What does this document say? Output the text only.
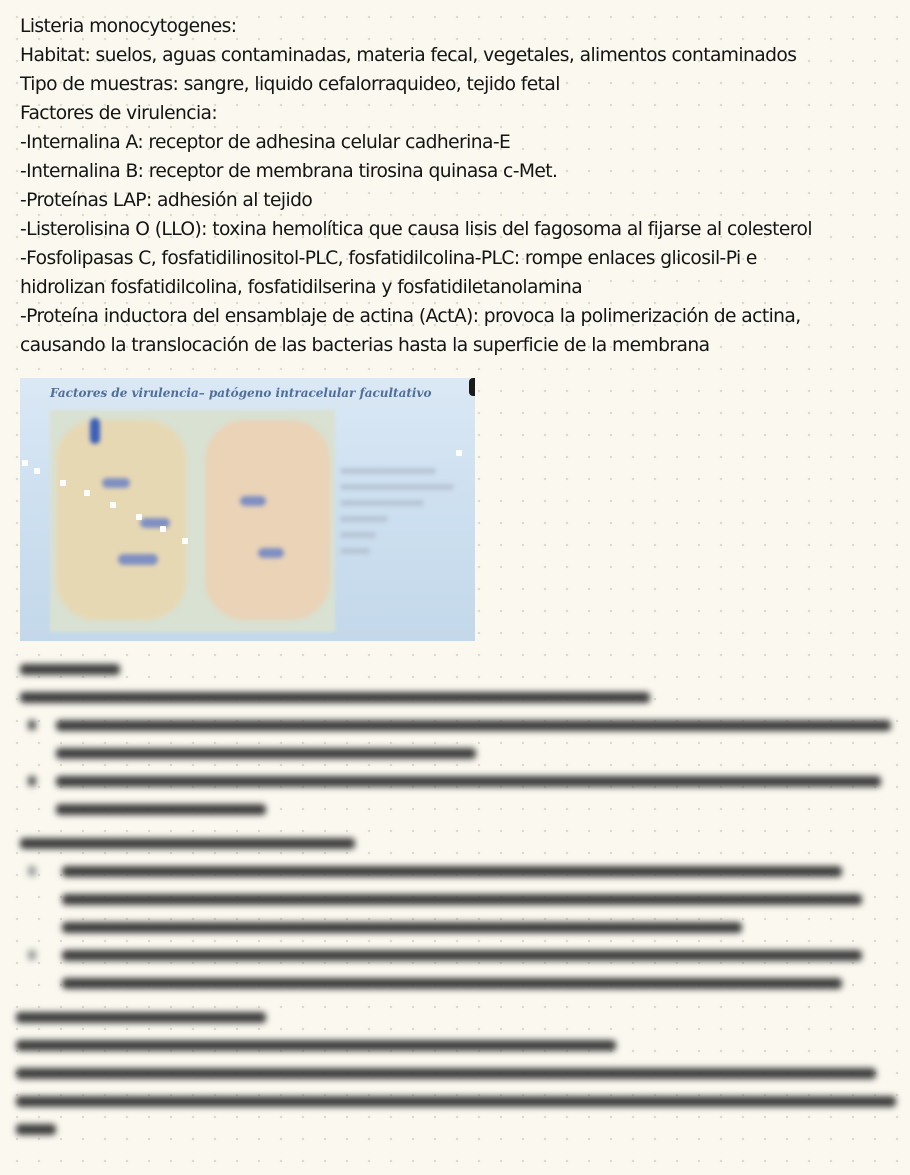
Listeria monocytogenes:
Habitat: suelos, aguas contaminadas, materia fecal, vegetales, alimentos contaminados
Tipo de muestras: sangre, liquido cefalorraquideo, tejido fetal
Factores de virulencia:
-Internalina A: receptor de adhesina celular cadherina-E
-Internalina B: receptor de membrana tirosina quinasa c-Met.
-Proteínas LAP: adhesión al tejido
-Listerolisina O (LLO): toxina hemolítica que causa lisis del fagosoma al fijarse al colesterol
-Fosfolipasas C, fosfatidilinositol-PLC, fosfatidilcolina-PLC: rompe enlaces glicosil-Pi e
hidrolizan fosfatidilcolina, fosfatidilserina y fosfatidiletanolamina
-Proteína inductora del ensamblaje de actina (ActA): provoca la polimerización de actina,
causando la translocación de las bacterias hasta la superficie de la membrana
Factores de virulencia– patógeno intracelular facultativo
